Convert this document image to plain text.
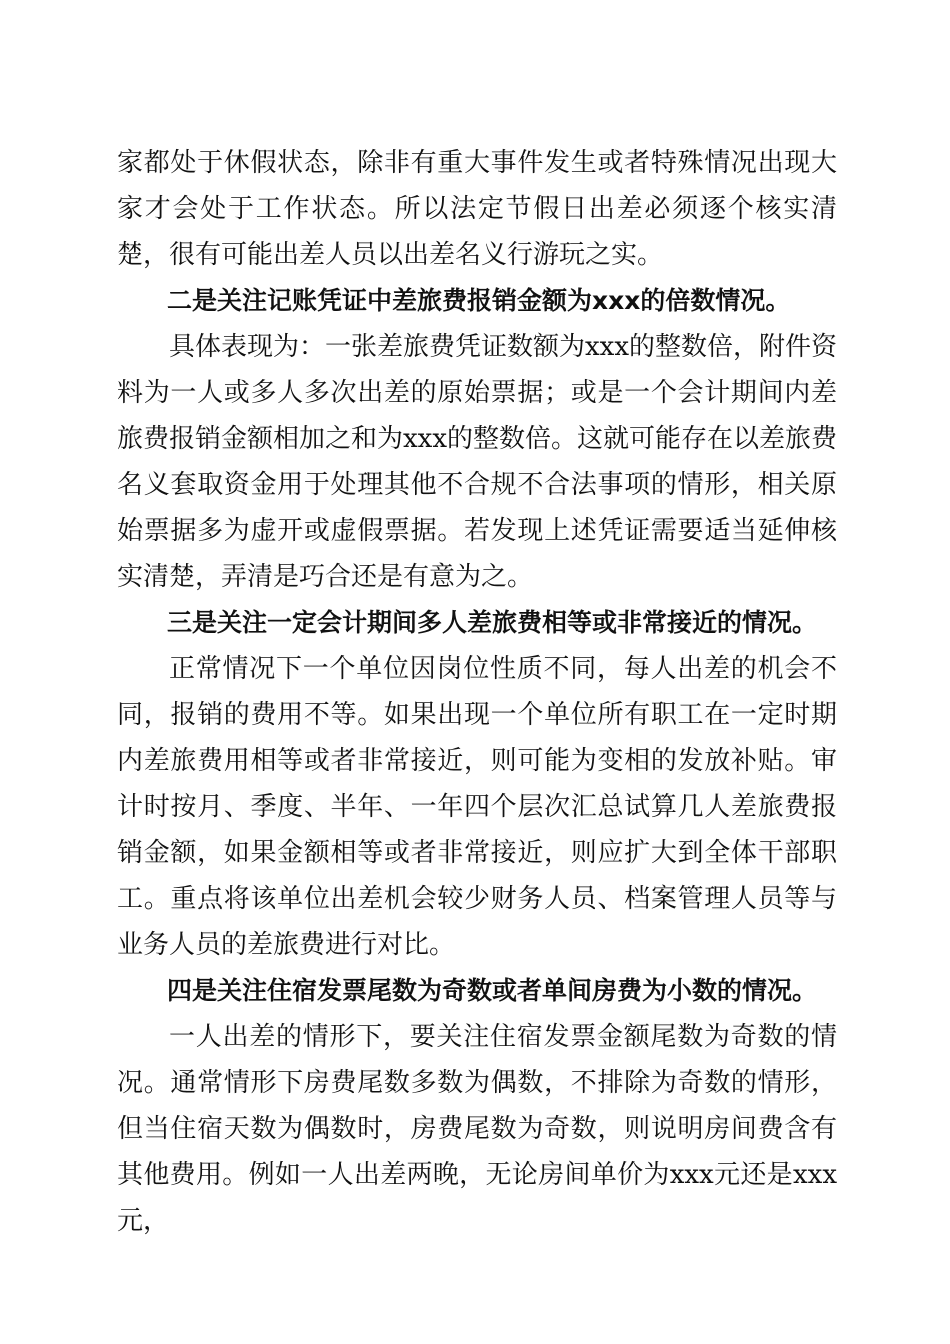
家都处于休假状态，除非有重大事件发生或者特殊情况出现大家才会处于工作状态。所以法定节假日出差必须逐个核实清楚，很有可能出差人员以出差名义行游玩之实。

二是关注记账凭证中差旅费报销金额为xxx的倍数情况。

具体表现为：一张差旅费凭证数额为xxx的整数倍，附件资料为一人或多人多次出差的原始票据；或是一个会计期间内差旅费报销金额相加之和为xxx的整数倍。这就可能存在以差旅费名义套取资金用于处理其他不合规不合法事项的情形，相关原始票据多为虚开或虚假票据。若发现上述凭证需要适当延伸核实清楚，弄清是巧合还是有意为之。

三是关注一定会计期间多人差旅费相等或非常接近的情况。

正常情况下一个单位因岗位性质不同，每人出差的机会不同，报销的费用不等。如果出现一个单位所有职工在一定时期内差旅费用相等或者非常接近，则可能为变相的发放补贴。审计时按月、季度、半年、一年四个层次汇总试算几人差旅费报销金额，如果金额相等或者非常接近，则应扩大到全体干部职工。重点将该单位出差机会较少财务人员、档案管理人员等与业务人员的差旅费进行对比。

四是关注住宿发票尾数为奇数或者单间房费为小数的情况。

一人出差的情形下，要关注住宿发票金额尾数为奇数的情况。通常情形下房费尾数多数为偶数，不排除为奇数的情形，但当住宿天数为偶数时，房费尾数为奇数，则说明房间费含有其他费用。例如一人出差两晚，无论房间单价为xxx元还是xxx元，
